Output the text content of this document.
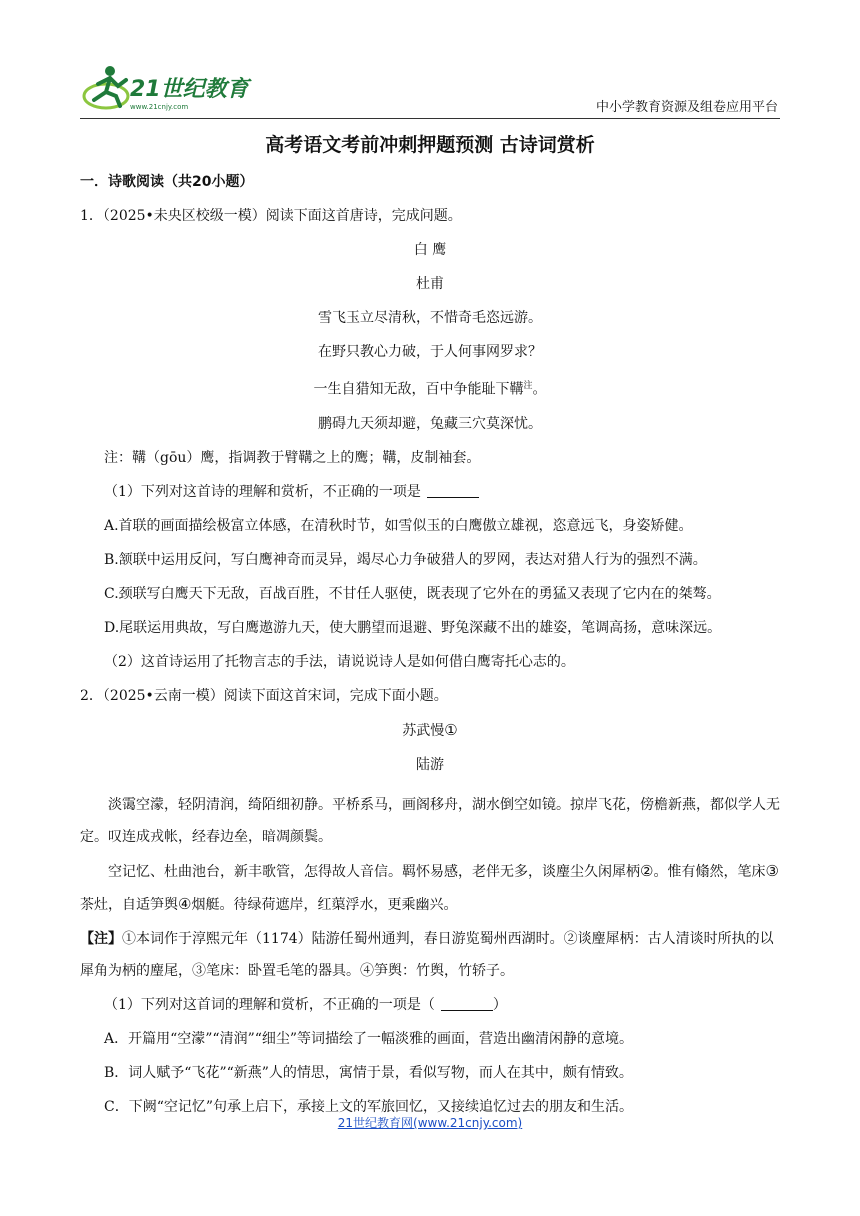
21世纪教育
www.21cnjy.com	中小学教育资源及组卷应用平台
高考语文考前冲刺押题预测 古诗词赏析

一．诗歌阅读（共20小题）

1．（2025•未央区校级一模）阅读下面这首唐诗，完成问题。

白 鹰

杜甫

雪飞玉立尽清秋，不惜奇毛恣远游。

在野只教心力破，于人何事网罗求？

一生自猎知无敌，百中争能耻下鞲$^注$。

鹏碍九天须却避，兔藏三穴莫深忧。

注：鞲（gōu）鹰，指调教于臂鞲之上的鹰；鞲，皮制袖套。

（1）下列对这首诗的理解和赏析，不正确的一项是

A.首联的画面描绘极富立体感，在清秋时节，如雪似玉的白鹰傲立雄视，恣意远飞，身姿矫健。

B.颔联中运用反问，写白鹰神奇而灵异，竭尽心力争破猎人的罗网，表达对猎人行为的强烈不满。

C.颈联写白鹰天下无敌，百战百胜，不甘任人驱使，既表现了它外在的勇猛又表现了它内在的桀骜。

D.尾联运用典故，写白鹰遨游九天，使大鹏望而退避、野兔深藏不出的雄姿，笔调高扬，意味深远。

（2）这首诗运用了托物言志的手法，请说说诗人是如何借白鹰寄托心志的。

2．（2025•云南一模）阅读下面这首宋词，完成下面小题。

苏武慢①

陆游

淡霭空濛，轻阴清润，绮陌细初静。平桥系马，画阁移舟，湖水倒空如镜。掠岸飞花，傍檐新燕，都似学人无定。叹连成戎帐，经春边垒，暗凋颜鬓。

空记忆、杜曲池台，新丰歌管，怎得故人音信。羁怀易感，老伴无多，谈麈尘久闲犀柄②。惟有翛然，笔床③茶灶，自适笋舆④烟艇。待绿荷遮岸，红蕖浮水，更乘幽兴。

【注】①本词作于淳熙元年（1174）陆游任蜀州通判，春日游览蜀州西湖时。②谈麈犀柄：古人清谈时所执的以犀角为柄的麈尾，③笔床：卧置毛笔的器具。④笋舆：竹舆，竹轿子。

（1）下列对这首词的理解和赏析，不正确的一项是（	）

A．开篇用“空濛”“清润”“细尘”等词描绘了一幅淡雅的画面，营造出幽清闲静的意境。

B．词人赋予“飞花”“新燕”人的情思，寓情于景，看似写物，而人在其中，颇有情致。

C．下阙“空记忆”句承上启下，承接上文的军旅回忆，又接续追忆过去的朋友和生活。

21世纪教育网(www.21cnjy.com)
